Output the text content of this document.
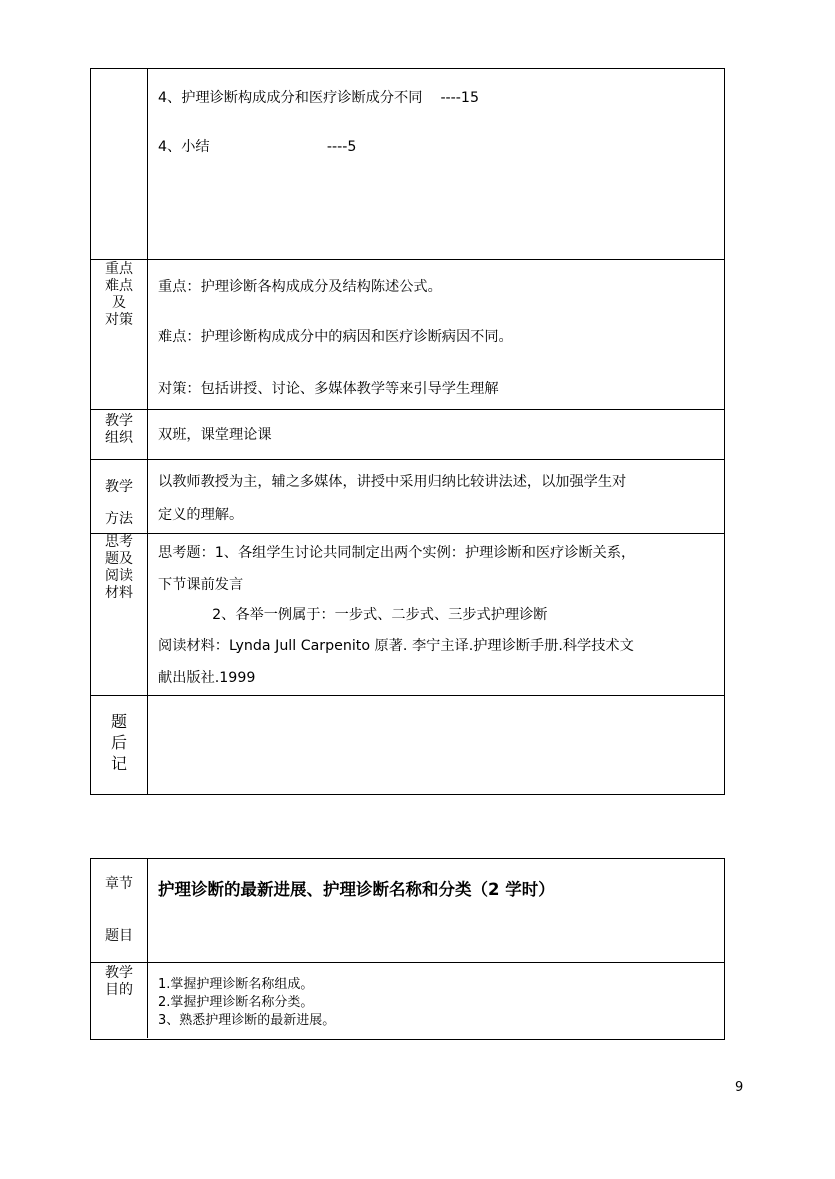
4、护理诊断构成成分和医疗诊断成分不同    ----15
4、小结                          ----5
重点
难点
及
对策
重点：护理诊断各构成成分及结构陈述公式。
难点：护理诊断构成成分中的病因和医疗诊断病因不同。
对策：包括讲授、讨论、多媒体教学等来引导学生理解
教学
组织	双班，课堂理论课
教学
方法
以教师教授为主，辅之多媒体，讲授中采用归纳比较讲法述，以加强学生对
定义的理解。
思考
题及
阅读
材料
思考题：1、各组学生讨论共同制定出两个实例：护理诊断和医疗诊断关系，
下节课前发言
2、各举一例属于：一步式、二步式、三步式护理诊断
阅读材料：Lynda Jull Carpenito 原著. 李宁主译.护理诊断手册.科学技术文
献出版社.1999
题
后
记
章节
题目
护理诊断的最新进展、护理诊断名称和分类（2 学时）
教学
目的	1.掌握护理诊断名称组成。
2.掌握护理诊断名称分类。
3、熟悉护理诊断的最新进展。
9
